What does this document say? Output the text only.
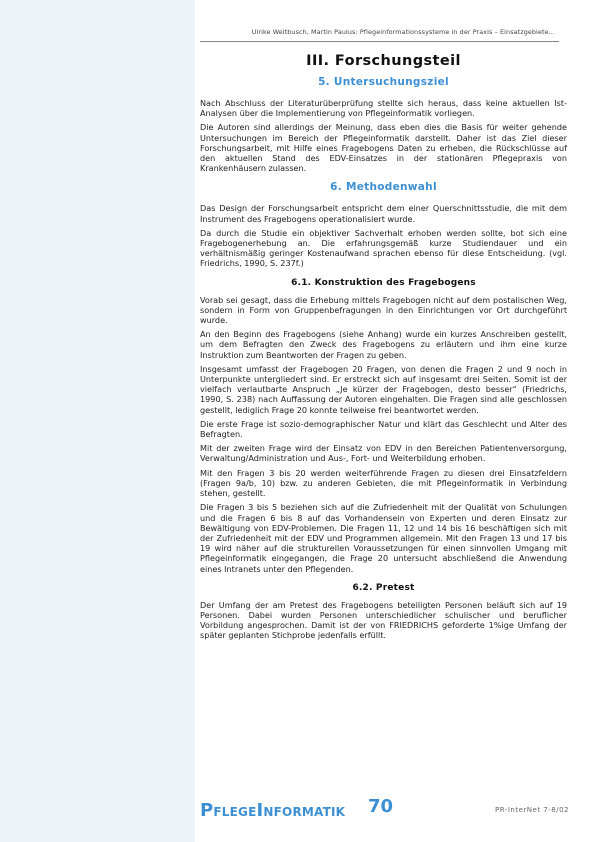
Ulrike Weitbusch, Martin Paulus: Pflegeinformationssysteme in der Praxis – Einsatzgebiete...
III. Forschungsteil
5. Untersuchungsziel

Nach Abschluss der Literaturüberprüfung stellte sich heraus, dass keine aktuellen Ist-Analysen über die Implementierung von Pflegeinformatik vorliegen.

Die Autoren sind allerdings der Meinung, dass eben dies die Basis für weiter gehende Untersuchungen im Bereich der Pflegeinformatik darstellt. Daher ist das Ziel dieser Forschungsarbeit, mit Hilfe eines Fragebogens Daten zu erheben, die Rückschlüsse auf den aktuellen Stand des EDV-Einsatzes in der stationären Pflegepraxis von Krankenhäusern zulassen.

6. Methodenwahl

Das Design der Forschungsarbeit entspricht dem einer Querschnittsstudie, die mit dem Instrument des Fragebogens operationalisiert wurde.

Da durch die Studie ein objektiver Sachverhalt erhoben werden sollte, bot sich eine Fragebogenerhebung an. Die erfahrungsgemäß kurze Studiendauer und ein verhältnismäßig geringer Kostenaufwand sprachen ebenso für diese Entscheidung. (vgl. Friedrichs, 1990, S. 237f.)

6.1. Konstruktion des Fragebogens

Vorab sei gesagt, dass die Erhebung mittels Fragebogen nicht auf dem postalischen Weg, sondern in Form von Gruppenbefragungen in den Einrichtungen vor Ort durchgeführt wurde.

An den Beginn des Fragebogens (siehe Anhang) wurde ein kurzes Anschreiben gestellt, um dem Befragten den Zweck des Fragebogens zu erläutern und ihm eine kurze Instruktion zum Beantworten der Fragen zu geben.

Insgesamt umfasst der Fragebogen 20 Fragen, von denen die Fragen 2 und 9 noch in Unterpunkte untergliedert sind. Er erstreckt sich auf insgesamt drei Seiten. Somit ist der vielfach verlautbarte Anspruch „Je kürzer der Fragebogen, desto besser“ (Friedrichs, 1990, S. 238) nach Auffassung der Autoren eingehalten. Die Fragen sind alle geschlossen gestellt, lediglich Frage 20 konnte teilweise frei beantwortet werden.

Die erste Frage ist sozio-demographischer Natur und klärt das Geschlecht und Alter des Befragten.

Mit der zweiten Frage wird der Einsatz von EDV in den Bereichen Patientenversorgung, Verwaltung/Administration und Aus-, Fort- und Weiterbildung erhoben.

Mit den Fragen 3 bis 20 werden weiterführende Fragen zu diesen drei Einsatzfeldern (Fragen 9a/b, 10) bzw. zu anderen Gebieten, die mit Pflegeinformatik in Verbindung stehen, gestellt.

Die Fragen 3 bis 5 beziehen sich auf die Zufriedenheit mit der Qualität von Schulungen und die Fragen 6 bis 8 auf das Vorhandensein von Experten und deren Einsatz zur Bewältigung von EDV-Problemen. Die Fragen 11, 12 und 14 bis 16 beschäftigen sich mit der Zufriedenheit mit der EDV und Programmen allgemein. Mit den Fragen 13 und 17 bis 19 wird näher auf die strukturellen Voraussetzungen für einen sinnvollen Umgang mit Pflegeinformatik eingegangen, die Frage 20 untersucht abschließend die Anwendung eines Intranets unter den Pflegenden.

6.2. Pretest

Der Umfang der am Pretest des Fragebogens beteiligten Personen beläuft sich auf 19 Personen. Dabei wurden Personen unterschiedlicher schulischer und beruflicher Vorbildung angesprochen. Damit ist der von FRIEDRICHS geforderte 1%ige Umfang der später geplanten Stichprobe jedenfalls erfüllt.

PFLEGEINFORMATIK 70	PR-InterNet 7-8/02
